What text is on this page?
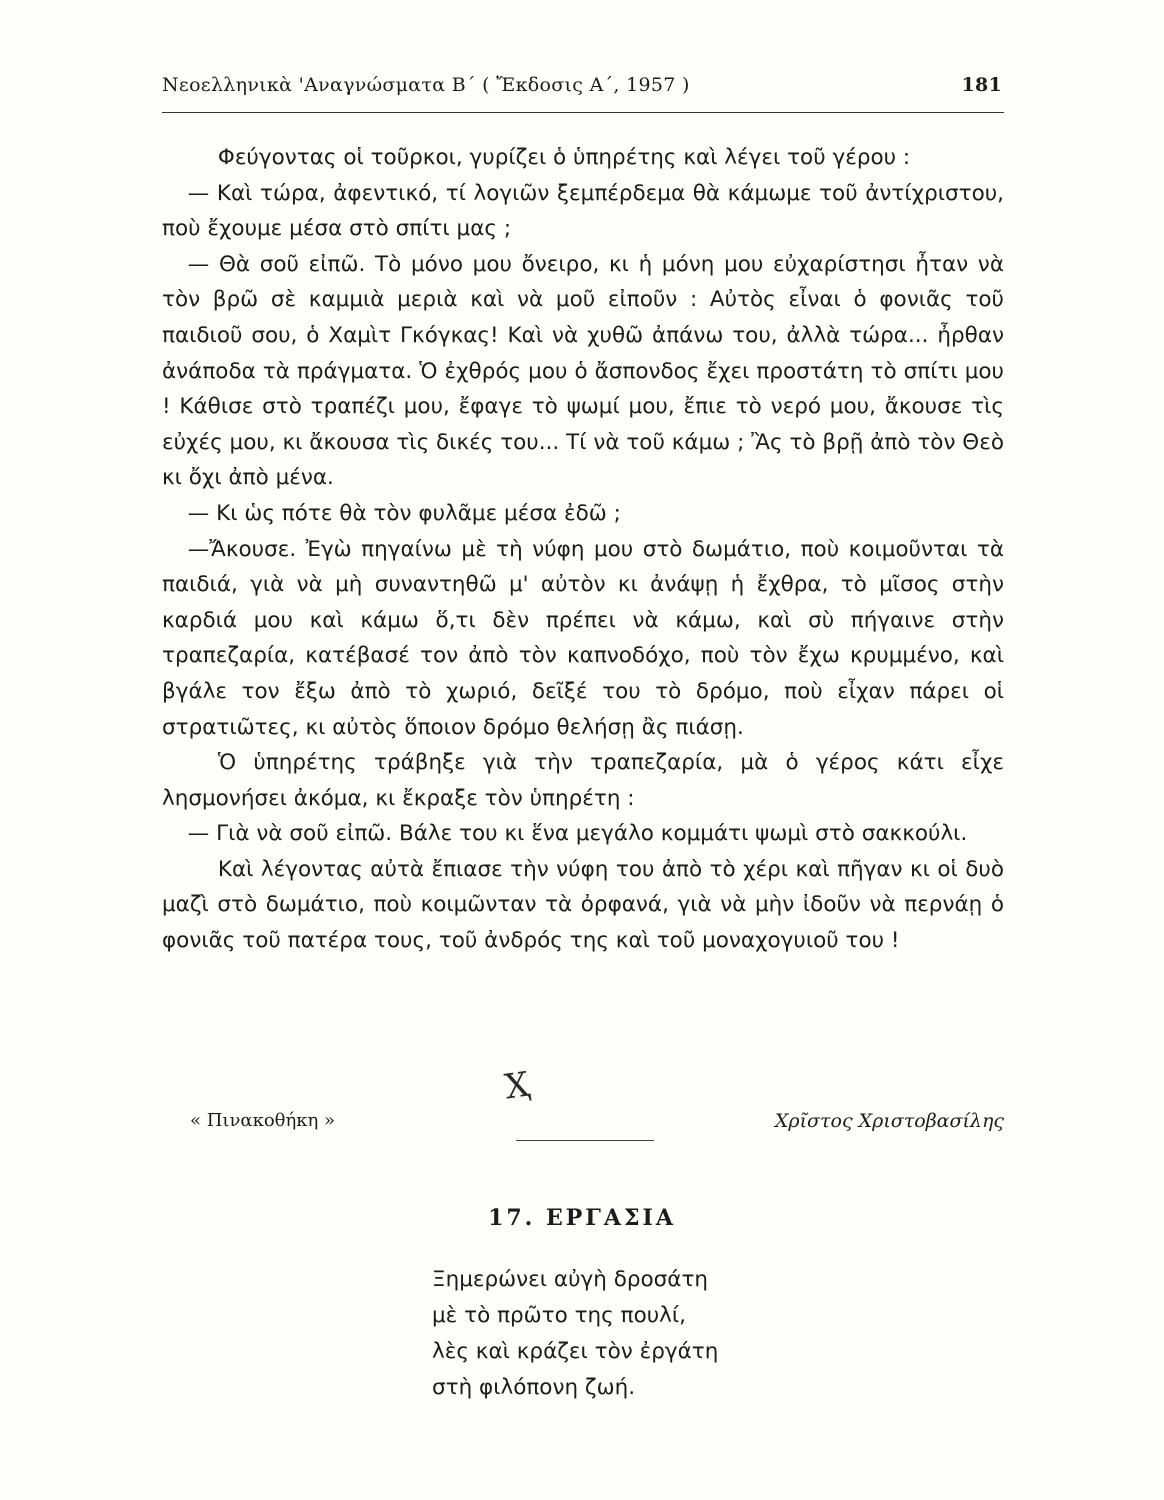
Νεοελληνικὰ 'Αναγνώσματα Β΄ ( Ἔκδοσις Α΄, 1957 )	181

Φεύγοντας οἱ τοῦρκοι, γυρίζει ὁ ὑπηρέτης καὶ λέγει τοῦ γέρου :

— Καὶ τώρα, ἀφεντικό, τί λογιῶν ξεμπέρδεμα θὰ κάμωμε τοῦ ἀντίχριστου, ποὺ ἔχουμε μέσα στὸ σπίτι μας ;

— Θὰ σοῦ εἰπῶ. Τὸ μόνο μου ὄνειρο, κι ἡ μόνη μου εὐχαρίστησι ἦταν νὰ τὸν βρῶ σὲ καμμιὰ μεριὰ καὶ νὰ μοῦ εἰποῦν : Αὐτὸς εἶναι ὁ φονιᾶς τοῦ παιδιοῦ σου, ὁ Χαμὶτ Γκόγκας! Καὶ νὰ χυθῶ ἀπάνω του, ἀλλὰ τώρα... ἦρθαν ἀνάποδα τὰ πράγματα. Ὁ ἐχθρός μου ὁ ἄσπονδος ἔχει προστάτη τὸ σπίτι μου ! Κάθισε στὸ τραπέζι μου, ἔφαγε τὸ ψωμί μου, ἔπιε τὸ νερό μου, ἄκουσε τὶς εὐχές μου, κι ἄκουσα τὶς δικές του... Τί νὰ τοῦ κάμω ; Ἂς τὸ βρῇ ἀπὸ τὸν Θεὸ κι ὄχι ἀπὸ μένα.

— Κι ὡς πότε θὰ τὸν φυλᾶμε μέσα ἐδῶ ;

—Ἄκουσε. Ἐγὼ πηγαίνω μὲ τὴ νύφη μου στὸ δωμάτιο, ποὺ κοιμοῦνται τὰ παιδιά, γιὰ νὰ μὴ συναντηθῶ μ' αὐτὸν κι ἀνάψῃ ἡ ἔχθρα, τὸ μῖσος στὴν καρδιά μου καὶ κάμω ὅ,τι δὲν πρέπει νὰ κάμω, καὶ σὺ πήγαινε στὴν τραπεζαρία, κατέβασέ τον ἀπὸ τὸν καπνοδόχο, ποὺ τὸν ἔχω κρυμμένο, καὶ βγάλε τον ἔξω ἀπὸ τὸ χωριό, δεῖξέ του τὸ δρόμο, ποὺ εἶχαν πάρει οἱ στρατιῶτες, κι αὐτὸς ὅποιον δρόμο θελήσῃ ἂς πιάσῃ.

Ὁ ὑπηρέτης τράβηξε γιὰ τὴν τραπεζαρία, μὰ ὁ γέρος κάτι εἶχε λησμονήσει ἀκόμα, κι ἔκραξε τὸν ὑπηρέτη :

— Γιὰ νὰ σοῦ εἰπῶ. Βάλε του κι ἕνα μεγάλο κομμάτι ψωμὶ στὸ σακκούλι.

Καὶ λέγοντας αὐτὰ ἔπιασε τὴν νύφη του ἀπὸ τὸ χέρι καὶ πῆγαν κι οἱ δυὸ μαζὶ στὸ δωμάτιο, ποὺ κοιμῶνταν τὰ ὀρφανά, γιὰ νὰ μὴν ἰδοῦν νὰ περνάῃ ὁ φονιᾶς τοῦ πατέρα τους, τοῦ ἀνδρός της καὶ τοῦ μοναχογυιοῦ του !

Ҳ
« Πινακοθήκη »	Χρῖστος Χριστοβασίλης
17. ΕΡΓΑΣΙΑ
Ξημερώνει αὐγὴ δροσάτη
μὲ τὸ πρῶτο της πουλί,
λὲς καὶ κράζει τὸν ἐργάτη
στὴ φιλόπονη ζωή.
